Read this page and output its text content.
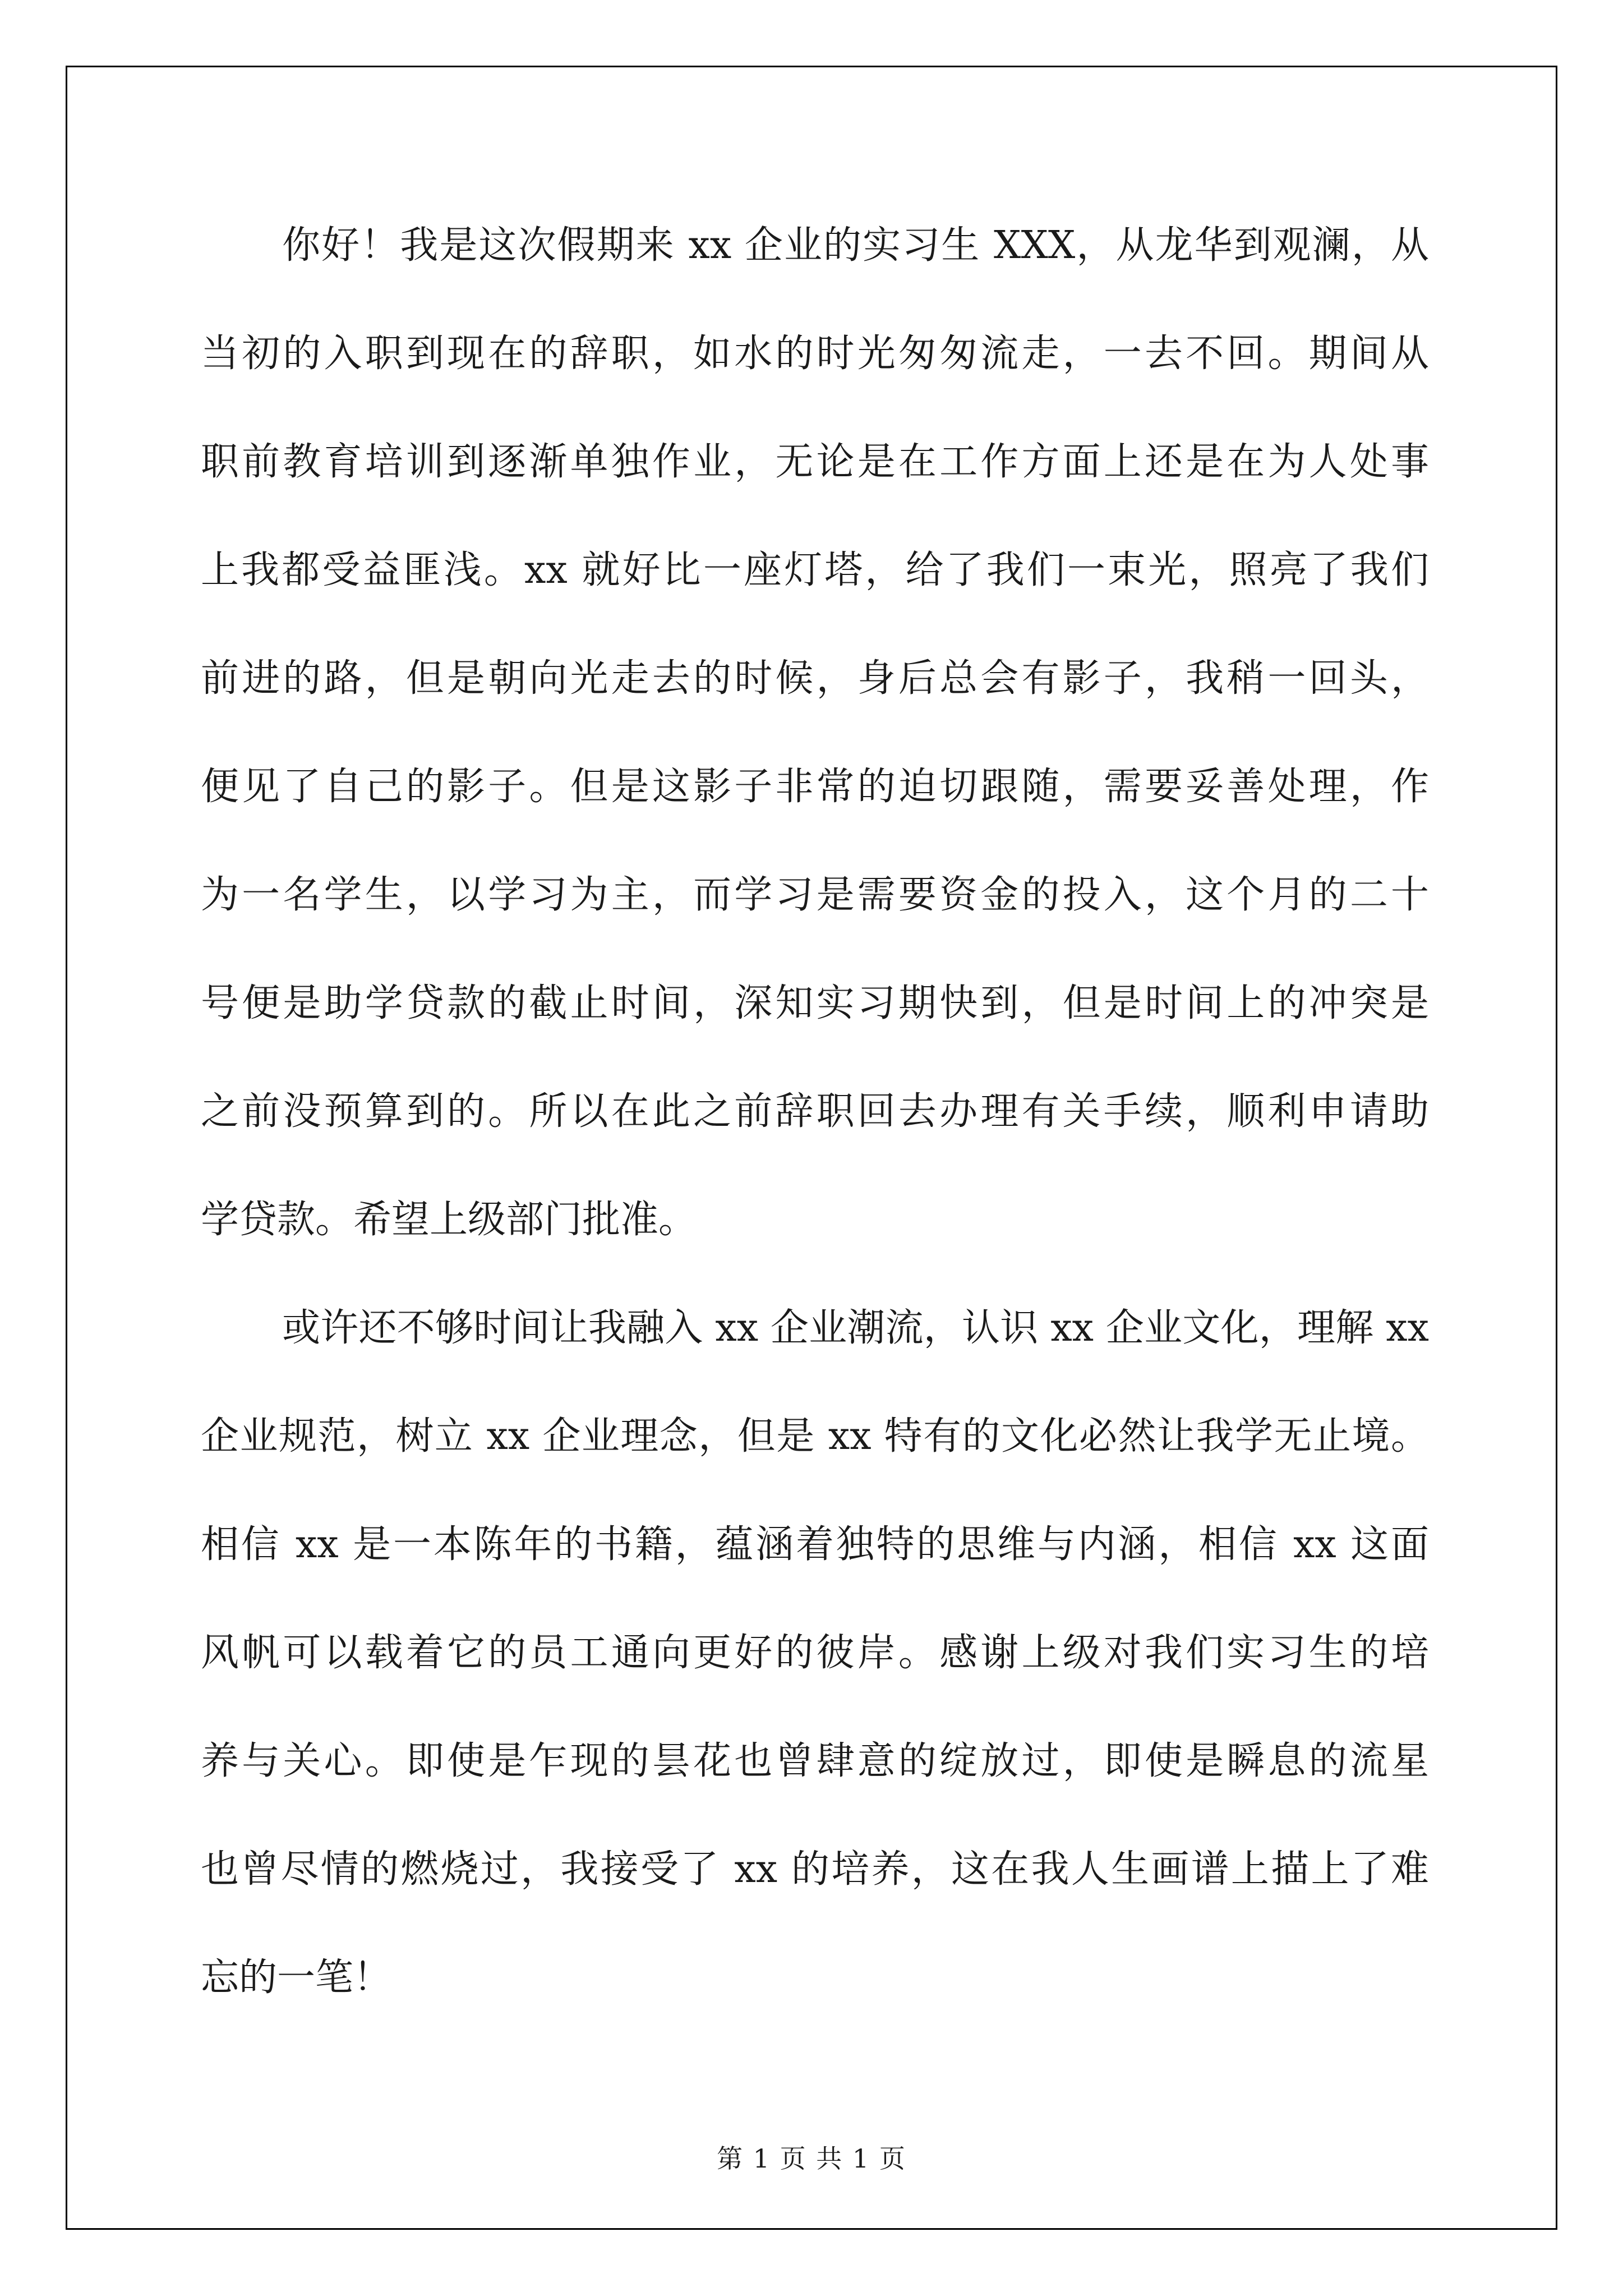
你好！我是这次假期来 xx 企业的实习生 XXX，从龙华到观澜，从
当初的入职到现在的辞职，如水的时光匆匆流走，一去不回。期间从
职前教育培训到逐渐单独作业，无论是在工作方面上还是在为人处事
上我都受益匪浅。xx 就好比一座灯塔，给了我们一束光，照亮了我们
前进的路，但是朝向光走去的时候，身后总会有影子，我稍一回头，
便见了自己的影子。但是这影子非常的迫切跟随，需要妥善处理，作
为一名学生，以学习为主，而学习是需要资金的投入，这个月的二十
号便是助学贷款的截止时间，深知实习期快到，但是时间上的冲突是
之前没预算到的。所以在此之前辞职回去办理有关手续，顺利申请助
学贷款。希望上级部门批准。
或许还不够时间让我融入 xx 企业潮流，认识 xx 企业文化，理解 xx
企业规范，树立 xx 企业理念，但是 xx 特有的文化必然让我学无止境。
相信 xx 是一本陈年的书籍，蕴涵着独特的思维与内涵，相信 xx 这面
风帆可以载着它的员工通向更好的彼岸。感谢上级对我们实习生的培
养与关心。即使是乍现的昙花也曾肆意的绽放过，即使是瞬息的流星
也曾尽情的燃烧过，我接受了 xx 的培养，这在我人生画谱上描上了难
忘的一笔！
第 1 页 共 1 页
